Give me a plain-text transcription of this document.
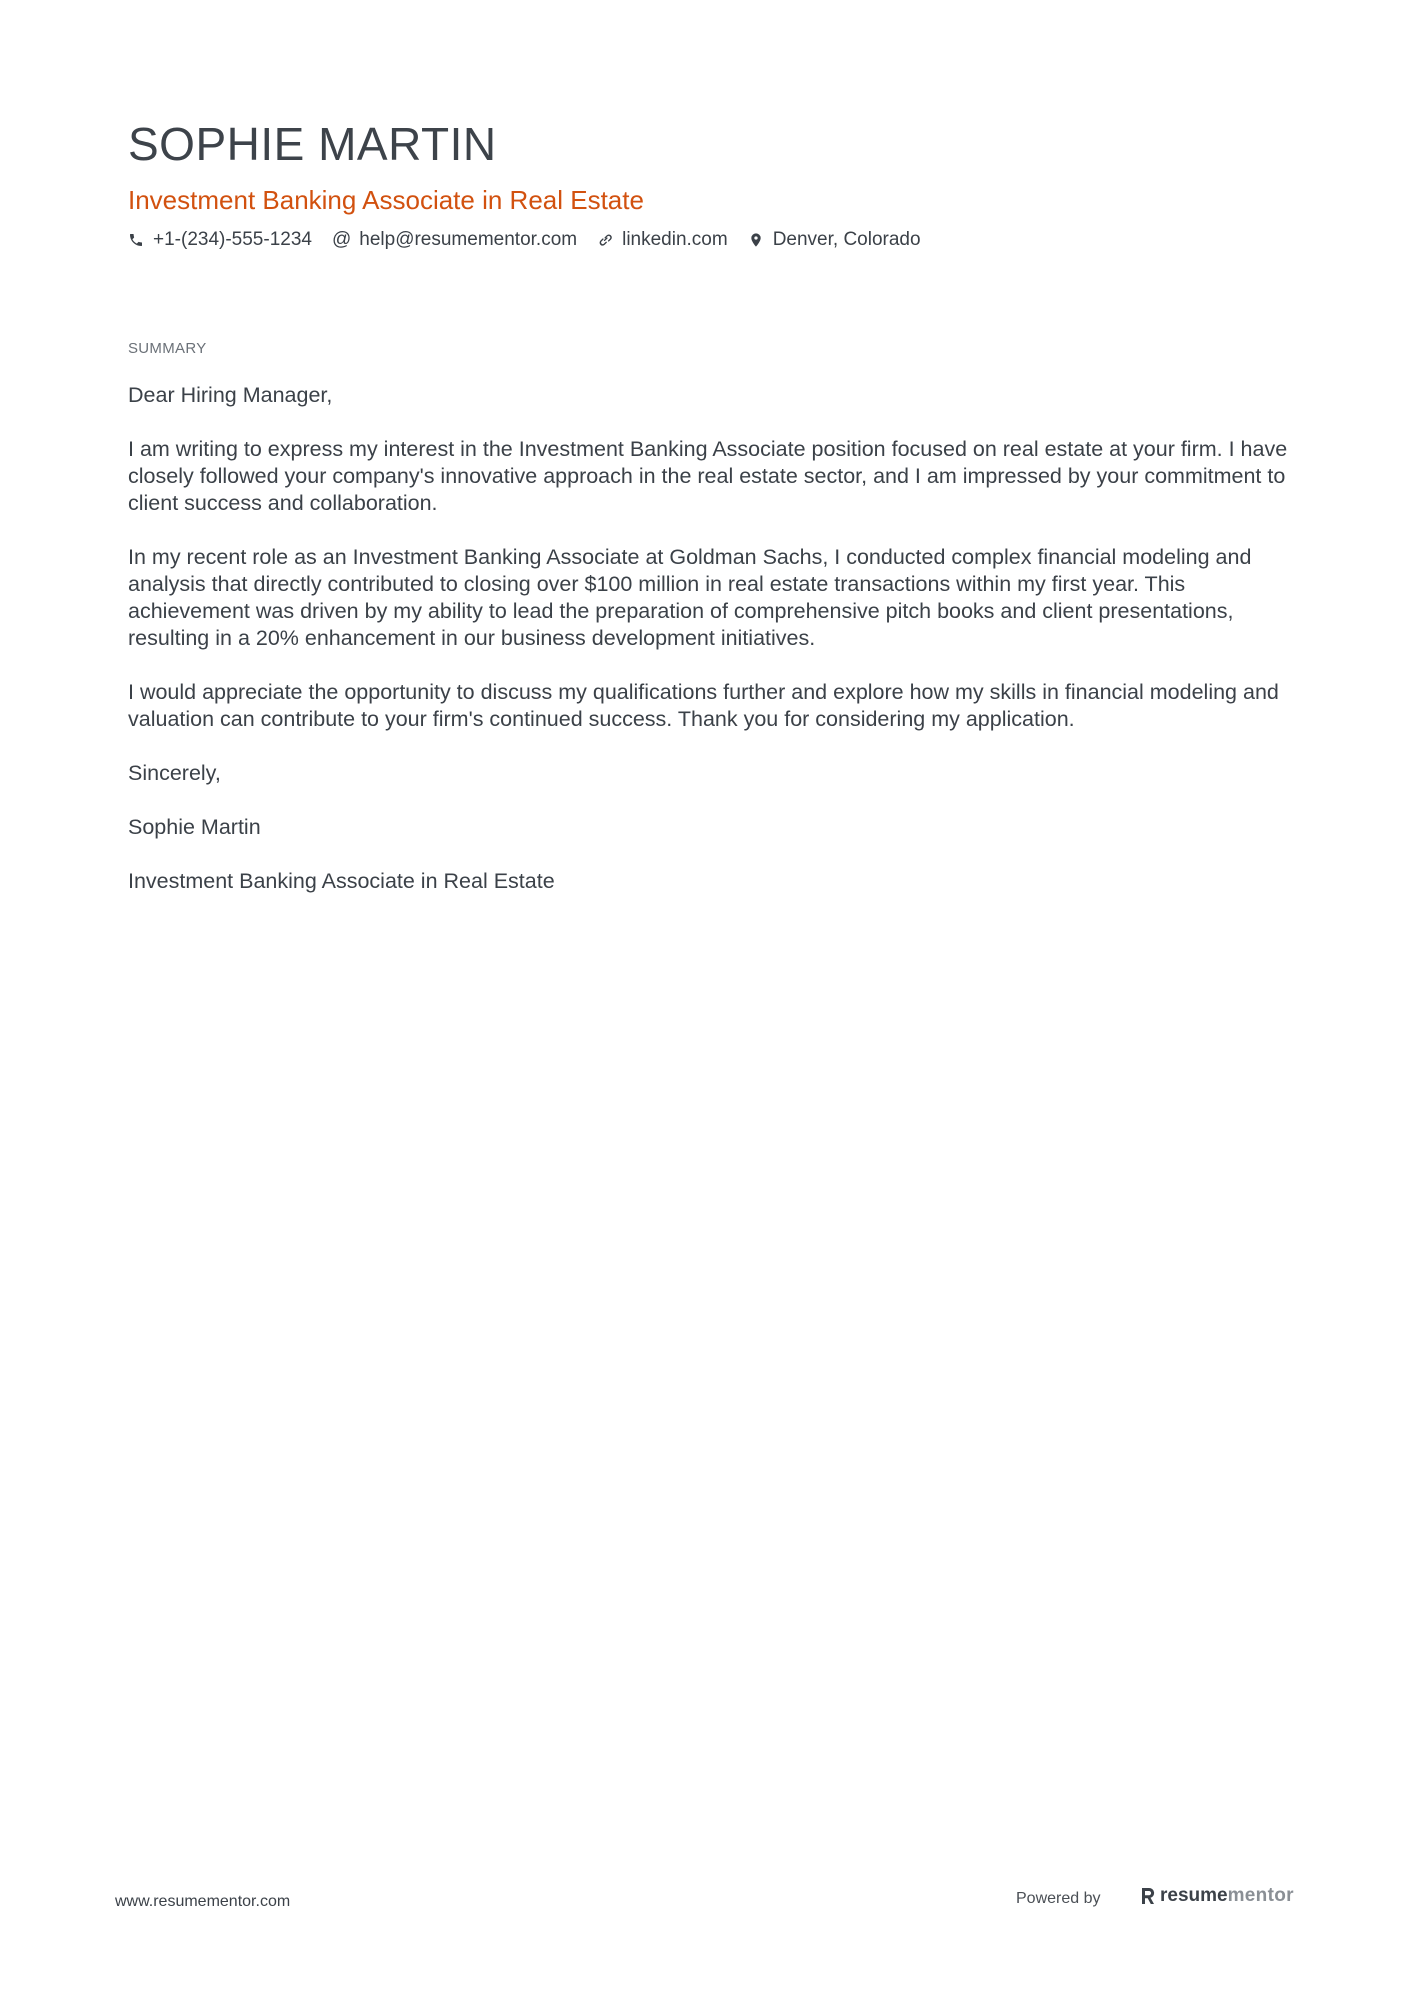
SOPHIE MARTIN
Investment Banking Associate in Real Estate
+1-(234)-555-1234 @ help@resumementor.com linkedin.com Denver, Colorado
SUMMARY

Dear Hiring Manager,

I am writing to express my interest in the Investment Banking Associate position focused on real estate at your firm. I have closely followed your company's innovative approach in the real estate sector, and I am impressed by your commitment to client success and collaboration.

In my recent role as an Investment Banking Associate at Goldman Sachs, I conducted complex financial modeling and analysis that directly contributed to closing over $100 million in real estate transactions within my first year. This achievement was driven by my ability to lead the preparation of comprehensive pitch books and client presentations, resulting in a 20% enhancement in our business development initiatives.

I would appreciate the opportunity to discuss my qualifications further and explore how my skills in financial modeling and valuation can contribute to your firm's continued success. Thank you for considering my application.

Sincerely,

Sophie Martin

Investment Banking Associate in Real Estate

www.resumementor.com	Powered by	resume mentor
